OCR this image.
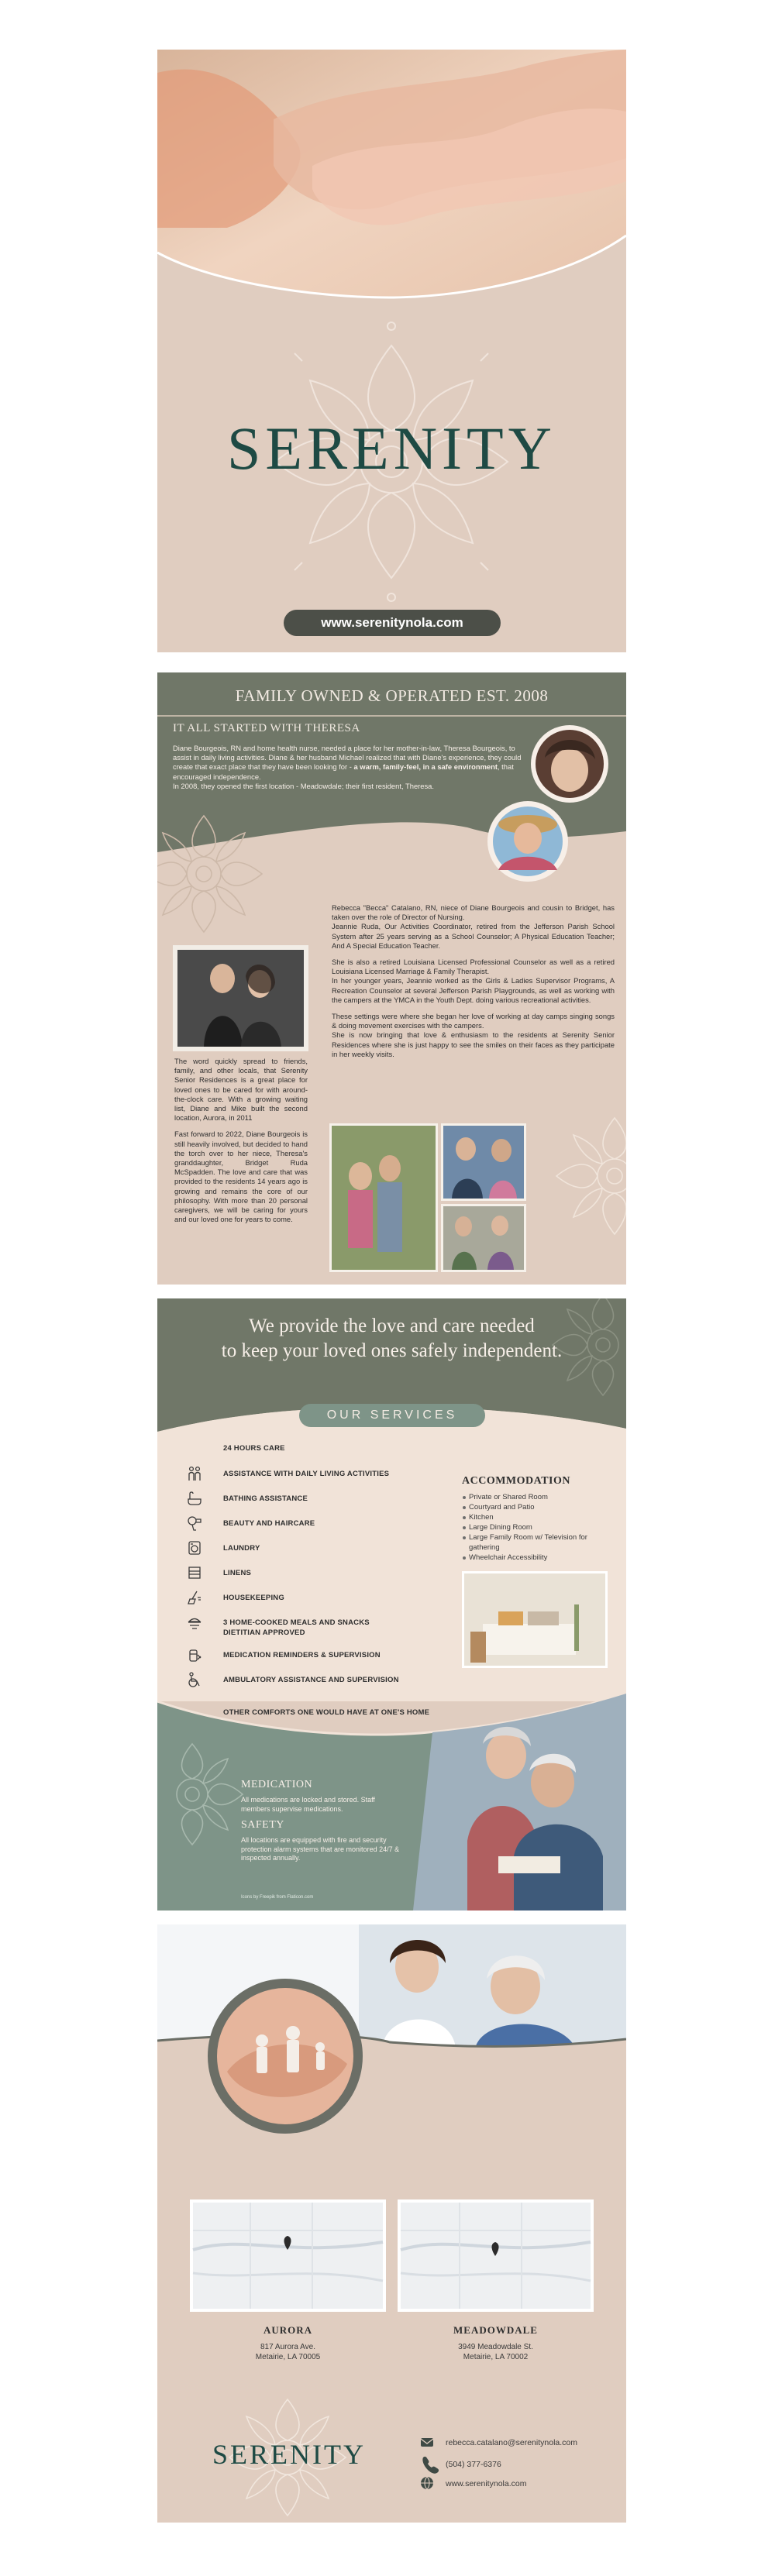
SERENITY
www.serenitynola.com
FAMILY OWNED & OPERATED EST. 2008
IT ALL STARTED WITH THERESA
Diane Bourgeois, RN and home health nurse, needed a place for her mother-in-law, Theresa Bourgeois, to assist in daily living activities. Diane & her husband Michael realized that with Diane's experience, they could create that exact place that they have been looking for - a warm, family-feel, in a safe environment, that encouraged independence.
In 2008, they opened the first location - Meadowdale; their first resident, Theresa.
Rebecca "Becca" Catalano, RN, niece of Diane Bourgeois and cousin to Bridget, has taken over the role of Director of Nursing.
Jeannie Ruda, Our Activities Coordinator, retired from the Jefferson Parish School System after 25 years serving as a School Counselor; A Physical Education Teacher; And A Special Education Teacher.
She is also a retired Louisiana Licensed Professional Counselor as well as a retired Louisiana Licensed Marriage & Family Therapist.
In her younger years, Jeannie worked as the Girls & Ladies Supervisor Programs, A Recreation Counselor at several Jefferson Parish Playgrounds, as well as working with the campers at the YMCA in the Youth Dept. doing various recreational activities.
These settings were where she began her love of working at day camps singing songs & doing movement exercises with the campers.
She is now bringing that love & enthusiasm to the residents at Serenity Senior Residences where she is just happy to see the smiles on their faces as they participate in her weekly visits.
The word quickly spread to friends, family, and other locals, that Serenity Senior Residences is a great place for loved ones to be cared for with around-the-clock care. With a growing waiting list, Diane and Mike built the second location, Aurora, in 2011
Fast forward to 2022, Diane Bourgeois is still heavily involved, but decided to hand the torch over to her niece, Theresa's granddaughter, Bridget Ruda McSpadden. The love and care that was provided to the residents 14 years ago is growing and remains the core of our philosophy. With more than 20 personal caregivers, we will be caring for yours and our loved one for years to come.
We provide the love and care needed
to keep your loved ones safely independent.
OUR SERVICES
24 HOURS CARE
OTHER COMFORTS ONE WOULD HAVE AT ONE'S HOME
ACCOMMODATION
Private or Shared Room
Courtyard and Patio
Kitchen
Large Dining Room
Large Family Room w/ Television for gathering
Wheelchair Accessibility
MEDICATION
All medications are locked and stored. Staff members supervise medications.
SAFETY
All locations are equipped with fire and security protection alarm systems that are monitored 24/7 & inspected annually.
Icons by Freepik from Flaticon.com
ASSISTANCE WITH DAILY LIVING ACTIVITIES
BATHING ASSISTANCE
BEAUTY AND HAIRCARE
LAUNDRY
LINENS
HOUSEKEEPING
3 HOME-COOKED MEALS AND SNACKS
DIETITIAN APPROVED
MEDICATION REMINDERS & SUPERVISION
AMBULATORY ASSISTANCE AND SUPERVISION
AURORA
817 Aurora Ave.
Metairie, LA 70005
MEADOWDALE
3949 Meadowdale St.
Metairie, LA 70002
SERENITY	rebecca.catalano@serenitynola.com
(504) 377-6376
www.serenitynola.com
